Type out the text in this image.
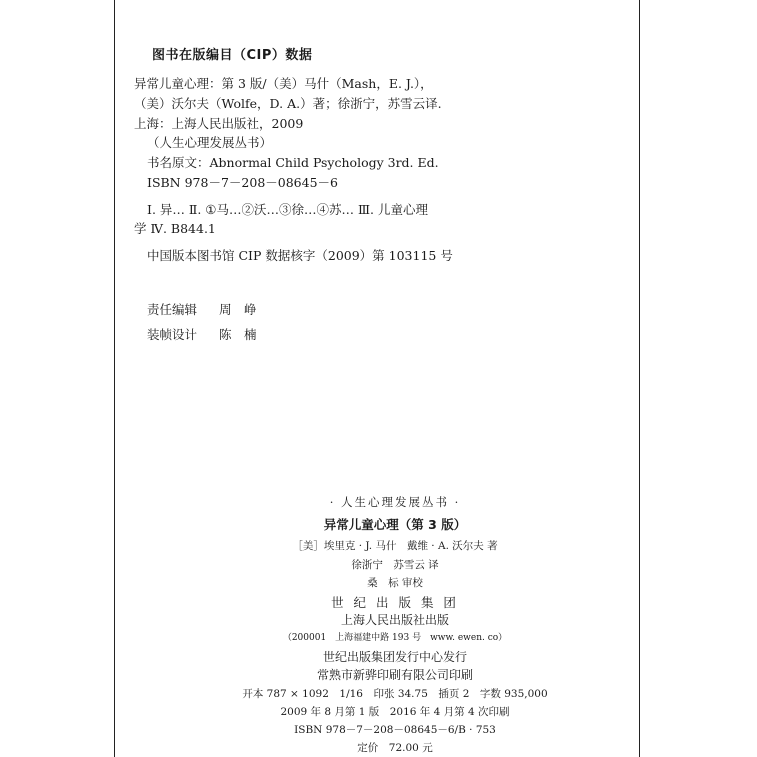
图书在版编目（CIP）数据
异常儿童心理：第 3 版/（美）马什（Mash，E. J.），
（美）沃尔夫（Wolfe，D. A.）著；徐浙宁，苏雪云译.
上海：上海人民出版社，2009
（人生心理发展丛书）
书名原文：Abnormal Child Psychology 3rd. Ed.
ISBN 978－7－208－08645－6
Ⅰ. 异… Ⅱ. ①马…②沃…③徐…④苏… Ⅲ. 儿童心理
学 Ⅳ. B844.1
中国版本图书馆 CIP 数据核字（2009）第 103115 号
责任编辑 周　峥
装帧设计 陈　楠
· 人生心理发展丛书 ·
异常儿童心理（第 3 版）
［美］埃里克 · J. 马什　戴维 · A. 沃尔夫 著
徐浙宁　苏雪云 译
桑　标 审校
世 纪 出 版 集 团
上海人民出版社出版
（200001　上海福建中路 193 号　www. ewen. co）
世纪出版集团发行中心发行
常熟市新骅印刷有限公司印刷
开本 787 × 1092　1/16　印张 34.75　插页 2　字数 935,000
2009 年 8 月第 1 版　2016 年 4 月第 4 次印刷
ISBN 978－7－208－08645－6/B · 753
定价　72.00 元
